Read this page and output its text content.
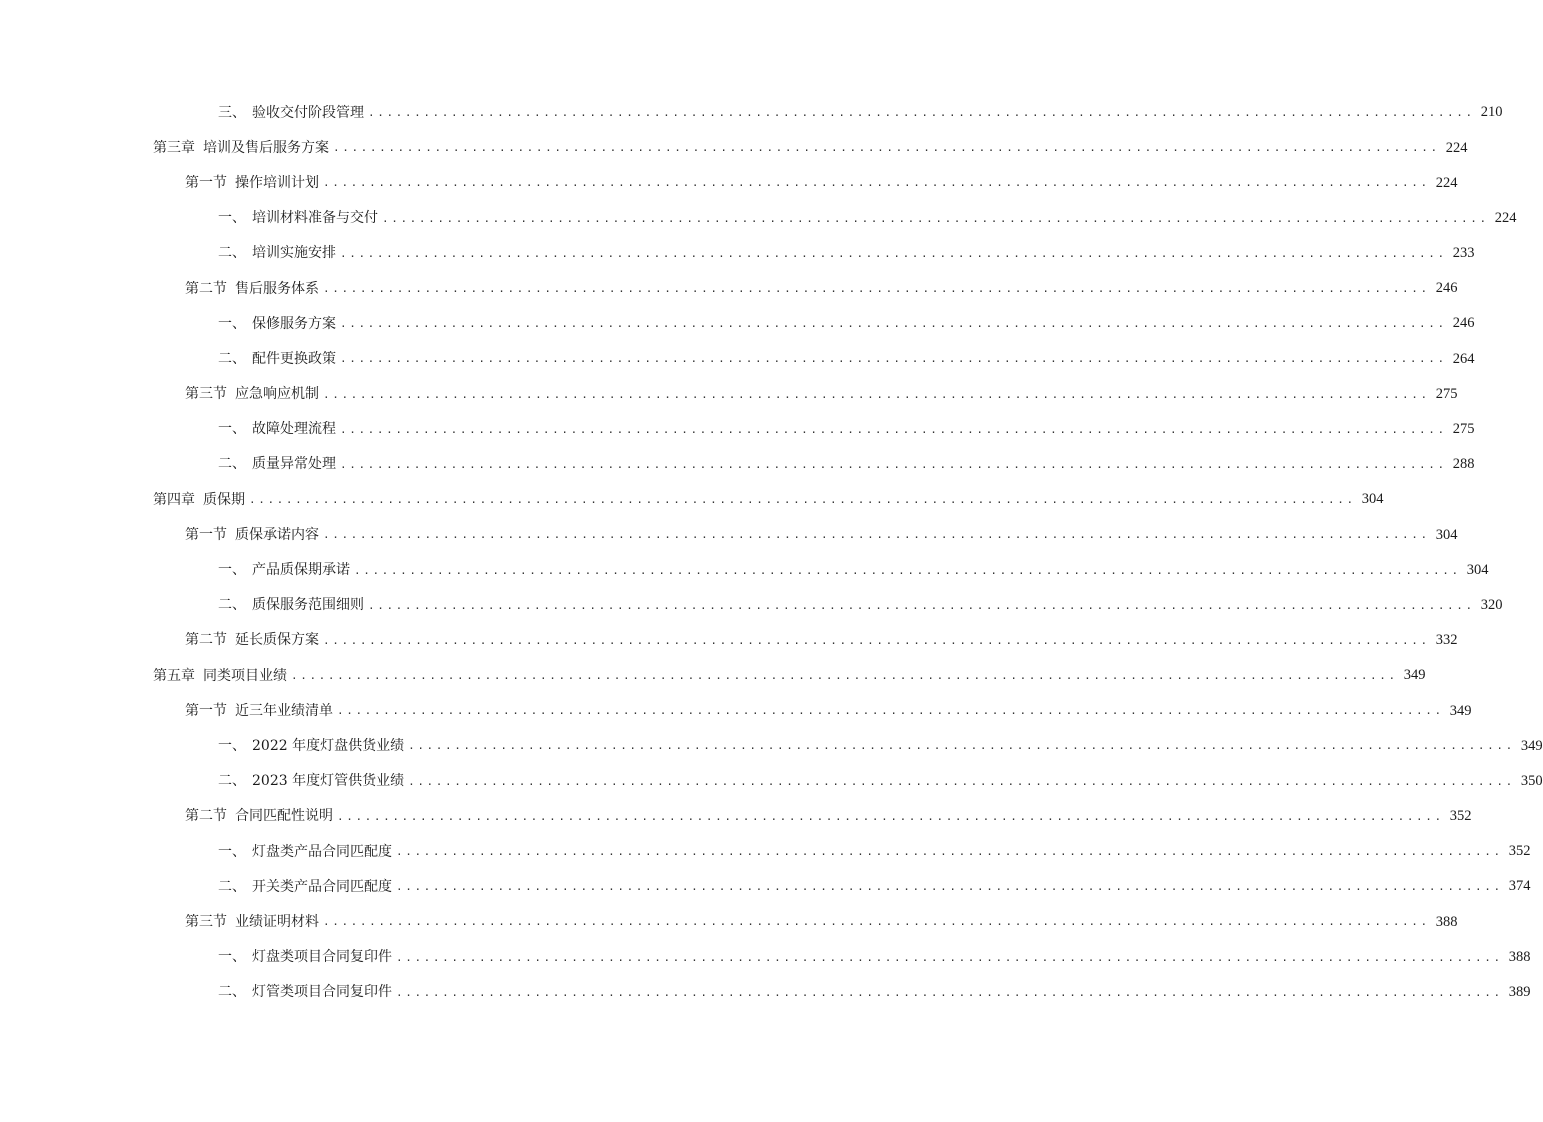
三、 验收交付阶段管理 ........................................................................................................................ 210
第三章 培训及售后服务方案 ........................................................................................................................ 224
第一节 操作培训计划 ........................................................................................................................ 224
一、 培训材料准备与交付 ........................................................................................................................ 224
二、 培训实施安排 ........................................................................................................................ 233
第二节 售后服务体系 ........................................................................................................................ 246
一、 保修服务方案 ........................................................................................................................ 246
二、 配件更换政策 ........................................................................................................................ 264
第三节 应急响应机制 ........................................................................................................................ 275
一、 故障处理流程 ........................................................................................................................ 275
二、 质量异常处理 ........................................................................................................................ 288
第四章 质保期 ........................................................................................................................ 304
第一节 质保承诺内容 ........................................................................................................................ 304
一、 产品质保期承诺 ........................................................................................................................ 304
二、 质保服务范围细则 ........................................................................................................................ 320
第二节 延长质保方案 ........................................................................................................................ 332
第五章 同类项目业绩 ........................................................................................................................ 349
第一节 近三年业绩清单 ........................................................................................................................ 349
一、 2022 年度灯盘供货业绩 ........................................................................................................................ 349
二、 2023 年度灯管供货业绩 ........................................................................................................................ 350
第二节 合同匹配性说明 ........................................................................................................................ 352
一、 灯盘类产品合同匹配度 ........................................................................................................................ 352
二、 开关类产品合同匹配度 ........................................................................................................................ 374
第三节 业绩证明材料 ........................................................................................................................ 388
一、 灯盘类项目合同复印件 ........................................................................................................................ 388
二、 灯管类项目合同复印件 ........................................................................................................................ 389
